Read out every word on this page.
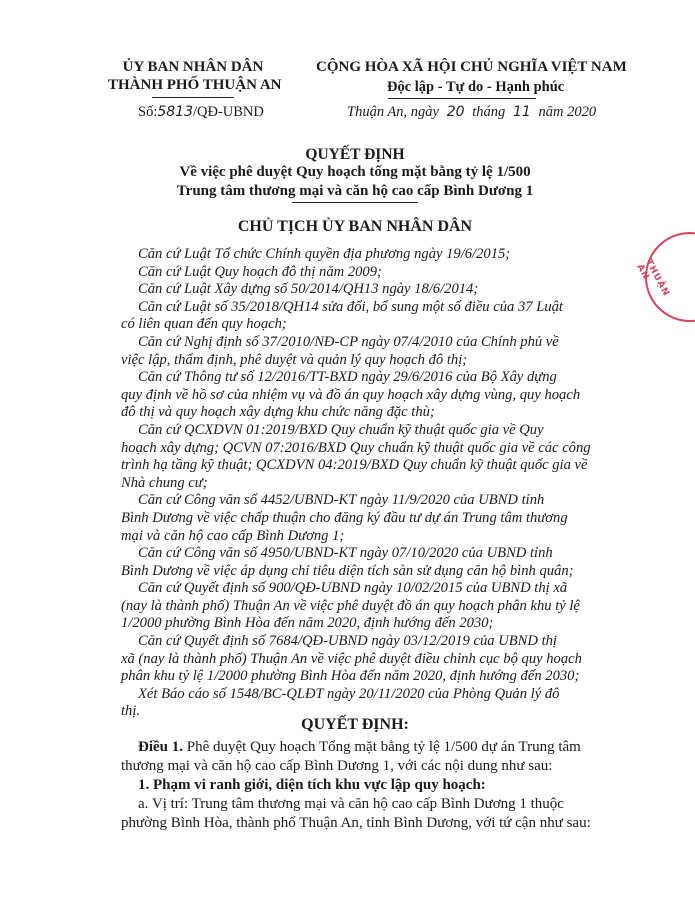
ỦY BAN NHÂN DÂN
THÀNH PHỐ THUẬN AN
Số:5813/QĐ-UBND
CỘNG HÒA XÃ HỘI CHỦ NGHĨA VIỆT NAM
Độc lập - Tự do - Hạnh phúc
Thuận An, ngày 20 tháng 11 năm 2020
QUYẾT ĐỊNH
Về việc phê duyệt Quy hoạch tổng mặt bằng tỷ lệ 1/500
Trung tâm thương mại và căn hộ cao cấp Bình Dương 1
CHỦ TỊCH ỦY BAN NHÂN DÂN
Căn cứ Luật Tổ chức Chính quyền địa phương ngày 19/6/2015;
Căn cứ Luật Quy hoạch đô thị năm 2009;
Căn cứ Luật Xây dựng số 50/2014/QH13 ngày 18/6/2014;
Căn cứ Luật số 35/2018/QH14 sửa đổi, bổ sung một số điều của 37 Luật
có liên quan đến quy hoạch;
Căn cứ Nghị định số 37/2010/NĐ-CP ngày 07/4/2010 của Chính phủ về
việc lập, thẩm định, phê duyệt và quản lý quy hoạch đô thị;
Căn cứ Thông tư số 12/2016/TT-BXD ngày 29/6/2016 của Bộ Xây dựng
quy định về hồ sơ của nhiệm vụ và đồ án quy hoạch xây dựng vùng, quy hoạch
đô thị và quy hoạch xây dựng khu chức năng đặc thù;
Căn cứ QCXDVN 01:2019/BXD Quy chuẩn kỹ thuật quốc gia về Quy
hoạch xây dựng; QCVN 07:2016/BXD Quy chuẩn kỹ thuật quốc gia về các công
trình hạ tầng kỹ thuật; QCXDVN 04:2019/BXD Quy chuẩn kỹ thuật quốc gia về
Nhà chung cư;
Căn cứ Công văn số 4452/UBND-KT ngày 11/9/2020 của UBND tỉnh
Bình Dương về việc chấp thuận cho đăng ký đầu tư dự án Trung tâm thương
mại và căn hộ cao cấp Bình Dương 1;
Căn cứ Công văn số 4950/UBND-KT ngày 07/10/2020 của UBND tỉnh
Bình Dương về việc áp dụng chỉ tiêu diện tích sàn sử dụng căn hộ bình quân;
Căn cứ Quyết định số 900/QĐ-UBND ngày 10/02/2015 của UBND thị xã
(nay là thành phố) Thuận An về việc phê duyệt đồ án quy hoạch phân khu tỷ lệ
1/2000 phường Bình Hòa đến năm 2020, định hướng đến 2030;
Căn cứ Quyết định số 7684/QĐ-UBND ngày 03/12/2019 của UBND thị
xã (nay là thành phố) Thuận An về việc phê duyệt điều chỉnh cục bộ quy hoạch
phân khu tỷ lệ 1/2000 phường Bình Hòa đến năm 2020, định hướng đến 2030;
Xét Báo cáo số 1548/BC-QLĐT ngày 20/11/2020 của Phòng Quản lý đô
thị.
QUYẾT ĐỊNH:
Điều 1. Phê duyệt Quy hoạch Tổng mặt bằng tỷ lệ 1/500 dự án Trung tâm
thương mại và căn hộ cao cấp Bình Dương 1, với các nội dung như sau:
1. Phạm vi ranh giới, diện tích khu vực lập quy hoạch:
a. Vị trí: Trung tâm thương mại và căn hộ cao cấp Bình Dương 1 thuộc
phường Bình Hòa, thành phố Thuận An, tỉnh Bình Dương, với tứ cận như sau:
THUẬN AN
